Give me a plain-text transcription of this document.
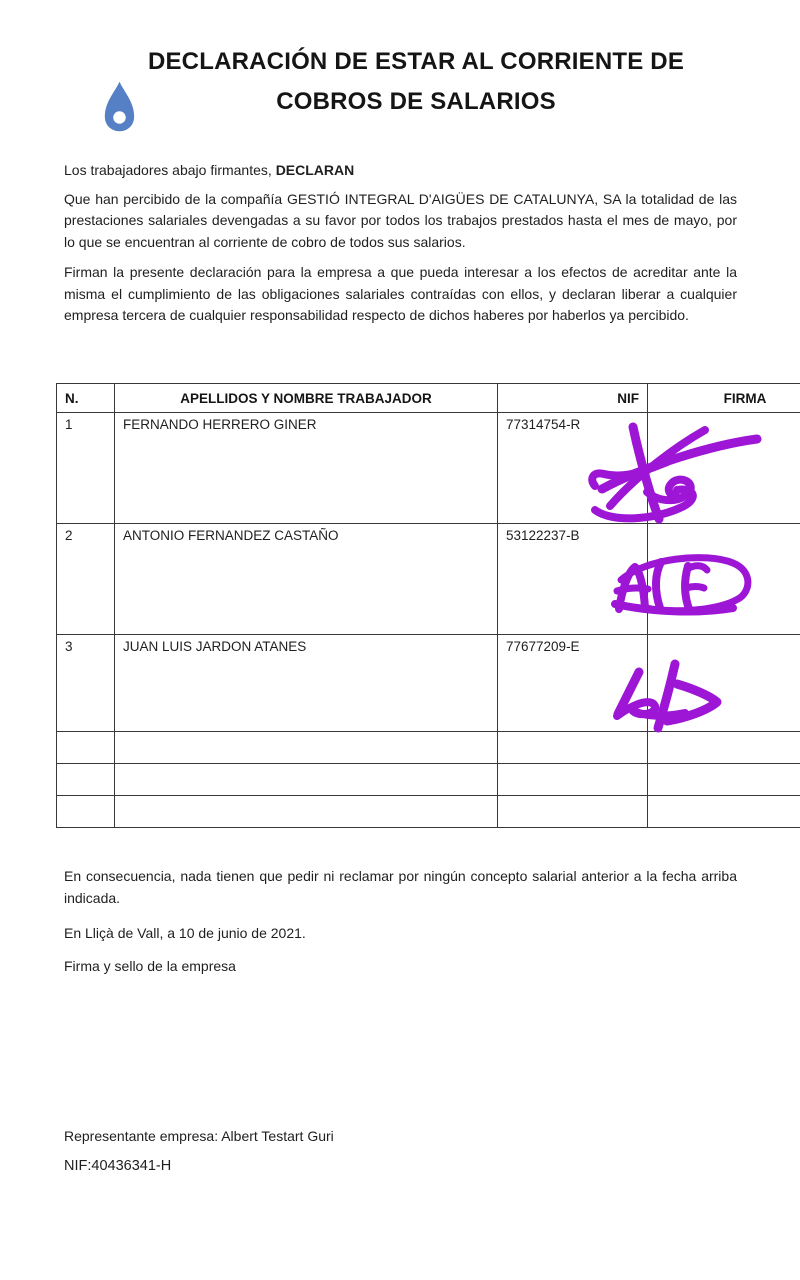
DECLARACIÓN DE ESTAR AL CORRIENTE DE
COBROS DE SALARIOS

Los trabajadores abajo firmantes, DECLARAN

Que han percibido de la compañía GESTIÓ INTEGRAL D'AIGÜES DE CATALUNYA, SA la totalidad de las prestaciones salariales devengadas a su favor por todos los trabajos prestados hasta el mes de mayo, por lo que se encuentran al corriente de cobro de todos sus salarios.

Firman la presente declaración para la empresa a que pueda interesar a los efectos de acreditar ante la misma el cumplimiento de las obligaciones salariales contraídas con ellos, y declaran liberar a cualquier empresa tercera de cualquier responsabilidad respecto de dichos haberes por haberlos ya percibido.

N.	APELLIDOS Y NOMBRE TRABAJADOR	NIF	FIRMA
1	FERNANDO HERRERO GINER	77314754-R	
2	ANTONIO FERNANDEZ CASTAÑO	53122237-B	
3	JUAN LUIS JARDON ATANES	77677209-E	

En consecuencia, nada tienen que pedir ni reclamar por ningún concepto salarial anterior a la fecha arriba indicada.

En Lliçà de Vall, a 10 de junio de 2021.

Firma y sello de la empresa

Representante empresa: Albert Testart Guri
NIF:40436341-H
